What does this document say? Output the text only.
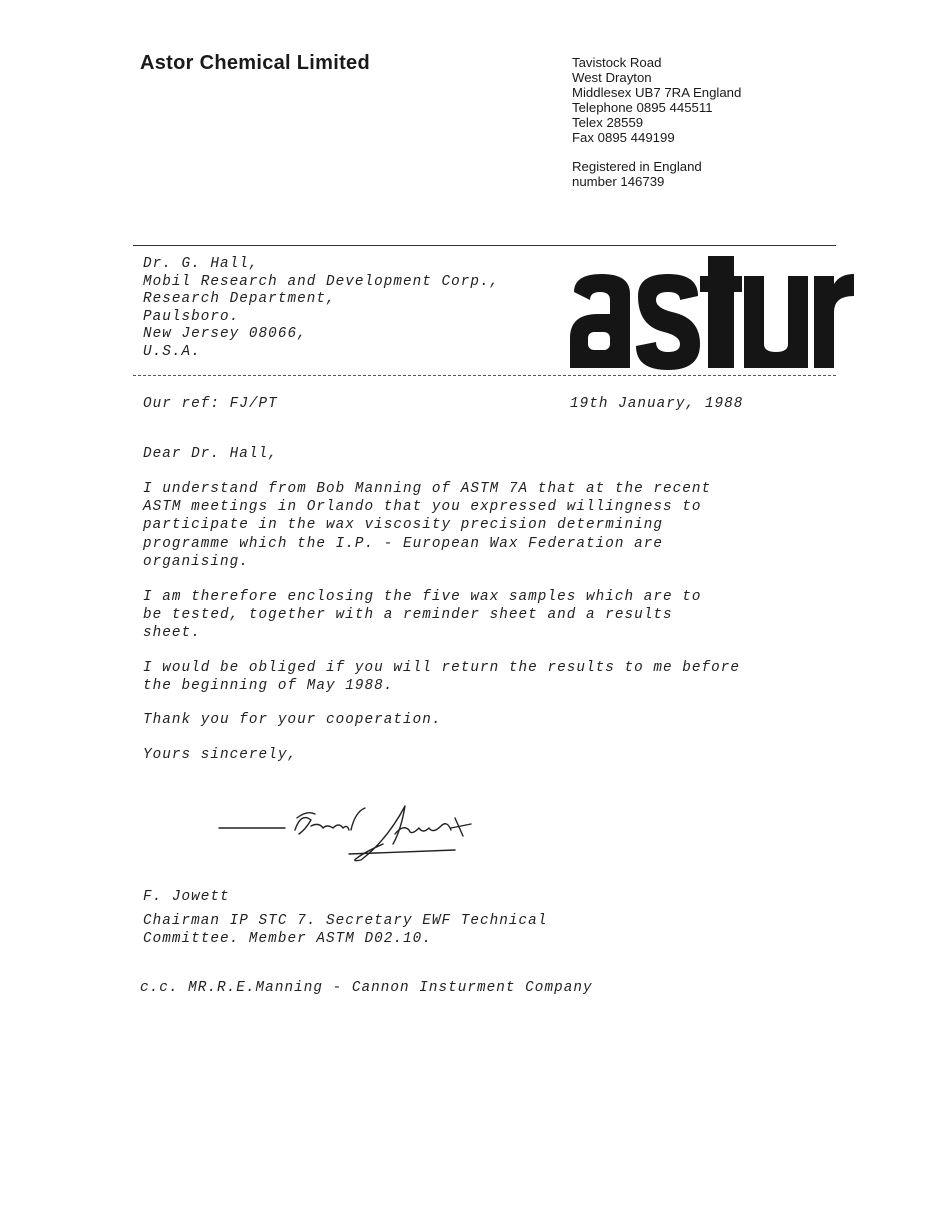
Astor Chemical Limited	Tavistock Road
West Drayton
Middlesex UB7 7RA England
Telephone 0895 445511
Telex 28559
Fax 0895 449199
Registered in England
number 146739
Dr. G. Hall,
Mobil Research and Development Corp.,
Research Department,
Paulsboro.
New Jersey 08066,
U.S.A.
Our ref: FJ/PT	19th January, 1988
Dear Dr. Hall,
I understand from Bob Manning of ASTM 7A that at the recent
ASTM meetings in Orlando that you expressed willingness to
participate in the wax viscosity precision determining
programme which the I.P. - European Wax Federation are
organising.
I am therefore enclosing the five wax samples which are to
be tested, together with a reminder sheet and a results
sheet.
I would be obliged if you will return the results to me before
the beginning of May 1988.
Thank you for your cooperation.
Yours sincerely,
F. Jowett
Chairman IP STC 7. Secretary EWF Technical
Committee. Member ASTM D02.10.
c.c. MR.R.E.Manning - Cannon Insturment Company
